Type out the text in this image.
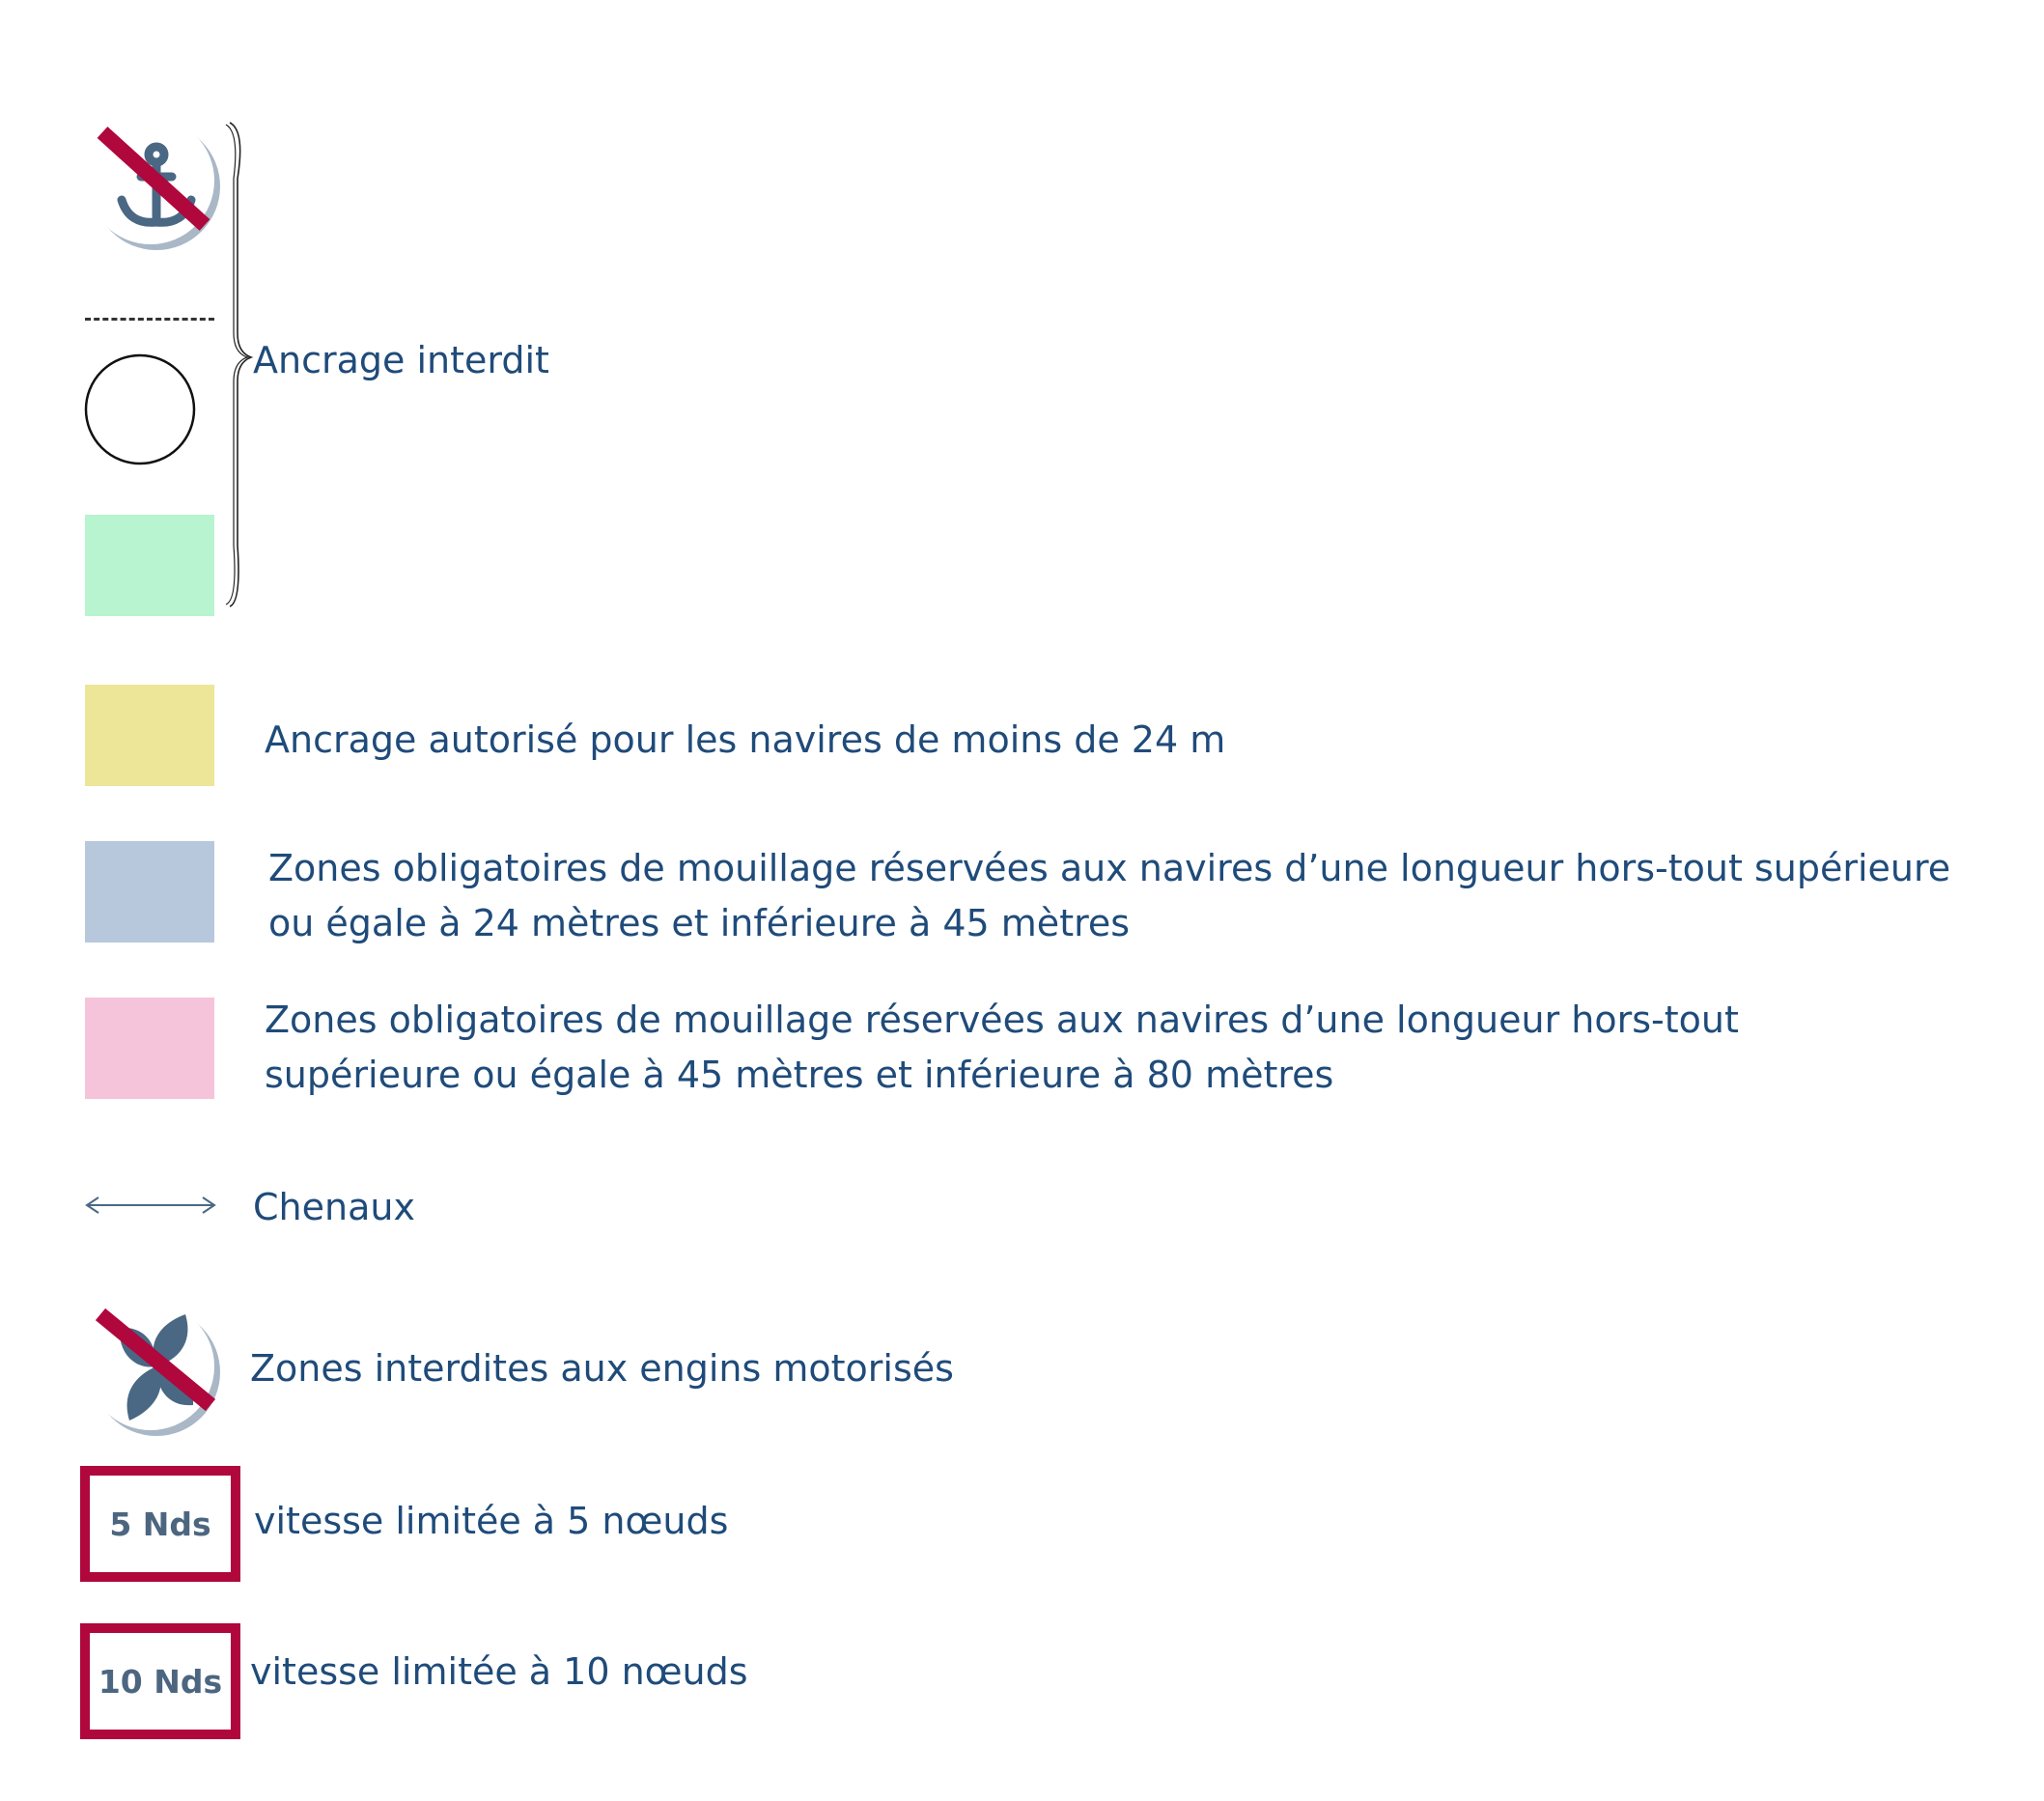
Ancrage interdit
Ancrage autorisé pour les navires de moins de 24 m
Zones obligatoires de mouillage réservées aux navires d’une longueur hors-tout supérieure
ou égale à 24 mètres et inférieure à 45 mètres
Zones obligatoires de mouillage réservées aux navires d’une longueur hors-tout
supérieure ou égale à 45 mètres et inférieure à 80 mètres
Chenaux
Zones interdites aux engins motorisés
5 Nds	vitesse limitée à 5 nœuds
10 Nds vitesse limitée à 10 nœuds
